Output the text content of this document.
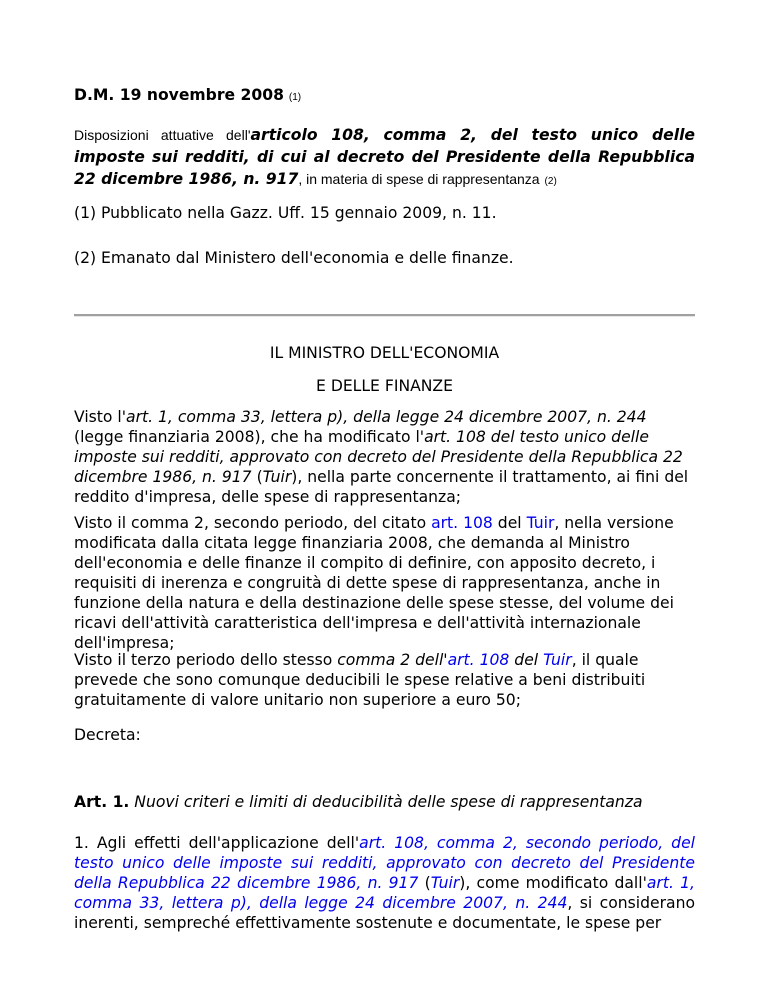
D.M. 19 novembre 2008 (1)

Disposizioni attuative dell'articolo 108, comma 2, del testo unico delle imposte sui redditi, di cui al decreto del Presidente della Repubblica 22 dicembre 1986, n. 917, in materia di spese di rappresentanza (2)

(1) Pubblicato nella Gazz. Uff. 15 gennaio 2009, n. 11.

(2) Emanato dal Ministero dell'economia e delle finanze.

IL MINISTRO DELL'ECONOMIA

E DELLE FINANZE

Visto l'art. 1, comma 33, lettera p), della legge 24 dicembre 2007, n. 244 (legge finanziaria 2008), che ha modificato l'art. 108 del testo unico delle imposte sui redditi, approvato con decreto del Presidente della Repubblica 22 dicembre 1986, n. 917 (Tuir), nella parte concernente il trattamento, ai fini del reddito d'impresa, delle spese di rappresentanza;

Visto il comma 2, secondo periodo, del citato art. 108 del Tuir, nella versione modificata dalla citata legge finanziaria 2008, che demanda al Ministro dell'economia e delle finanze il compito di definire, con apposito decreto, i requisiti di inerenza e congruità di dette spese di rappresentanza, anche in funzione della natura e della destinazione delle spese stesse, del volume dei ricavi dell'attività caratteristica dell'impresa e dell'attività internazionale dell'impresa;

Visto il terzo periodo dello stesso comma 2 dell'art. 108 del Tuir, il quale prevede che sono comunque deducibili le spese relative a beni distribuiti gratuitamente di valore unitario non superiore a euro 50;

Decreta:

Art. 1. Nuovi criteri e limiti di deducibilità delle spese di rappresentanza

1. Agli effetti dell'applicazione dell'art. 108, comma 2, secondo periodo, del testo unico delle imposte sui redditi, approvato con decreto del Presidente della Repubblica 22 dicembre 1986, n. 917 (Tuir), come modificato dall'art. 1, comma 33, lettera p), della legge 24 dicembre 2007, n. 244, si considerano inerenti, sempreché effettivamente sostenute e documentate, le spese per
